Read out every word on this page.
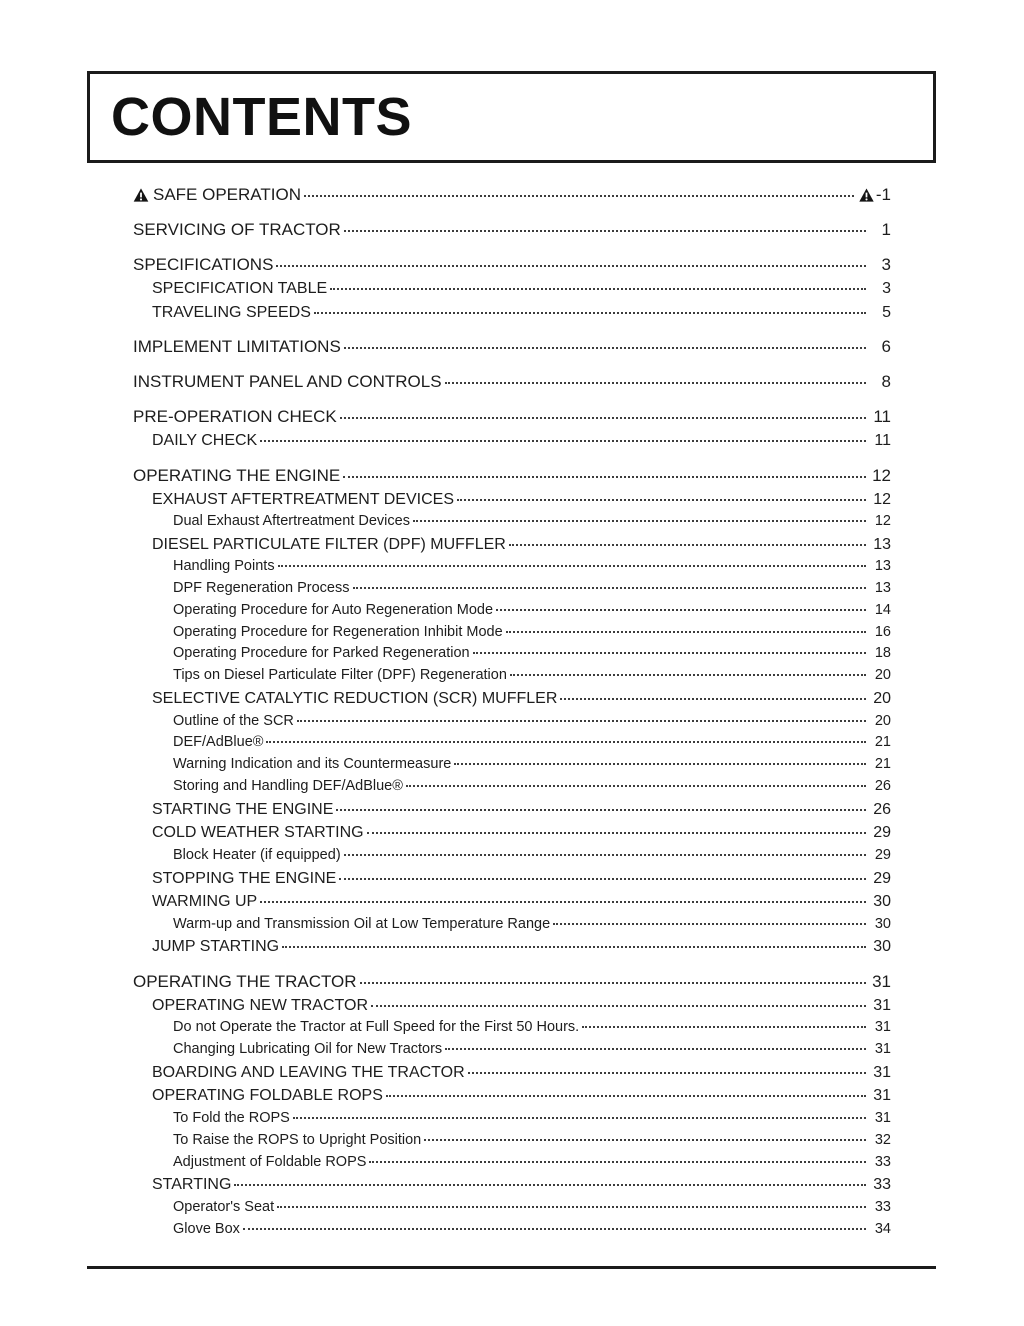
CONTENTS
SAFE OPERATION	-1
SERVICING OF TRACTOR	1
SPECIFICATIONS	3
SPECIFICATION TABLE	3
TRAVELING SPEEDS	5
IMPLEMENT LIMITATIONS	6
INSTRUMENT PANEL AND CONTROLS	8
PRE-OPERATION CHECK	11
DAILY CHECK	11
OPERATING THE ENGINE	12
EXHAUST AFTERTREATMENT DEVICES	12
Dual Exhaust Aftertreatment Devices	12
DIESEL PARTICULATE FILTER (DPF) MUFFLER	13
Handling Points	13
DPF Regeneration Process	13
Operating Procedure for Auto Regeneration Mode	14
Operating Procedure for Regeneration Inhibit Mode	16
Operating Procedure for Parked Regeneration	18
Tips on Diesel Particulate Filter (DPF) Regeneration	20
SELECTIVE CATALYTIC REDUCTION (SCR) MUFFLER	20
Outline of the SCR	20
DEF/AdBlue®	21
Warning Indication and its Countermeasure	21
Storing and Handling DEF/AdBlue®	26
STARTING THE ENGINE	26
COLD WEATHER STARTING	29
Block Heater (if equipped)	29
STOPPING THE ENGINE	29
WARMING UP	30
Warm-up and Transmission Oil at Low Temperature Range	30
JUMP STARTING	30
OPERATING THE TRACTOR	31
OPERATING NEW TRACTOR	31
Do not Operate the Tractor at Full Speed for the First 50 Hours.	31
Changing Lubricating Oil for New Tractors	31
BOARDING AND LEAVING THE TRACTOR	31
OPERATING FOLDABLE ROPS	31
To Fold the ROPS	31
To Raise the ROPS to Upright Position	32
Adjustment of Foldable ROPS	33
STARTING	33
Operator's Seat	33
Glove Box	34
